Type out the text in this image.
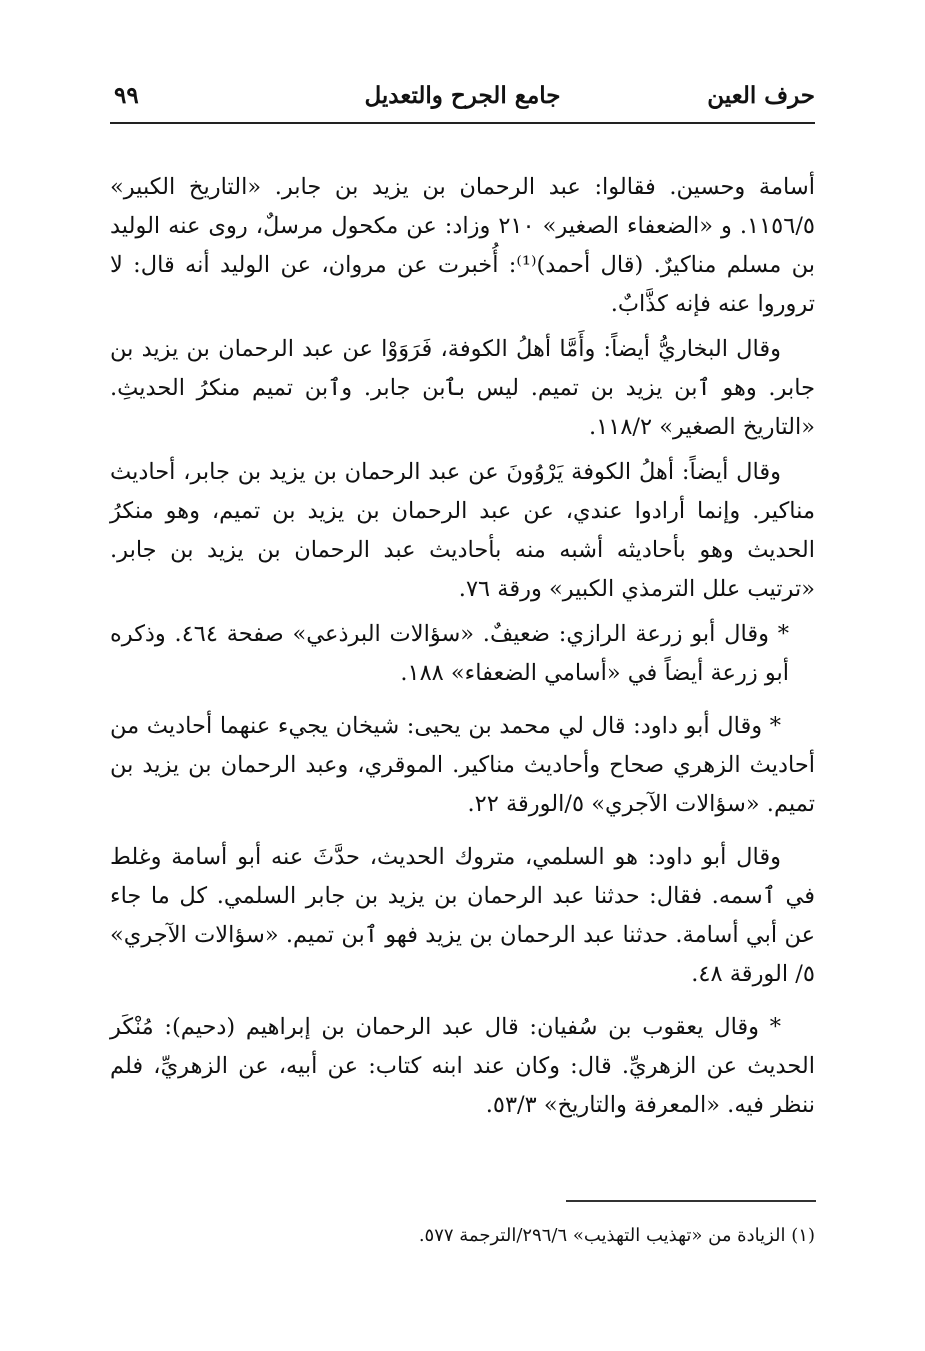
حرف العين
جامع الجرح والتعديل
٩٩

أسامة وحسين. فقالوا: عبد الرحمان بن يزيد بن جابر. «التاريخ الكبير» ١١٥٦/٥. و «الضعفاء الصغير» ٢١٠ وزاد: عن مكحول مرسلٌ، روى عنه الوليد بن مسلم مناكيرٌ. (قال أحمد)⁽¹⁾: أُخبرت عن مروان، عن الوليد أنه قال: لا تروروا عنه فإنه كذَّابٌ.

وقال البخاريُّ أيضاً: وأَمَّا أهلُ الكوفة، فَرَوَوْا عن عبد الرحمان بن يزيد بن جابر. وهو ٱبن يزيد بن تميم. ليس بٱبن جابر. وٱبن تميم منكرُ الحديثِ. «التاريخ الصغير» ١١٨/٢.

وقال أيضاً: أهلُ الكوفة يَرْوُونَ عن عبد الرحمان بن يزيد بن جابر، أحاديث مناكير. وإنما أرادوا عندي، عن عبد الرحمان بن يزيد بن تميم، وهو منكرُ الحديث وهو بأحاديثه أشبه منه بأحاديث عبد الرحمان بن يزيد بن جابر. «ترتيب علل الترمذي الكبير» ورقة ٧٦.

* وقال أبو زرعة الرازي: ضعيفٌ. «سؤالات البرذعي» صفحة ٤٦٤. وذكره أبو زرعة أيضاً في «أسامي الضعفاء» ١٨٨.

* وقال أبو داود: قال لي محمد بن يحيى: شيخان يجيء عنهما أحاديث من أحاديث الزهري صحاح وأحاديث مناكير. الموقري، وعبد الرحمان بن يزيد بن تميم. «سؤالات الآجري» ٥/الورقة ٢٢.

وقال أبو داود: هو السلمي، متروك الحديث، حدَّثَ عنه أبو أسامة وغلط في ٱسمه. فقال: حدثنا عبد الرحمان بن يزيد بن جابر السلمي. كل ما جاء عن أبي أسامة. حدثنا عبد الرحمان بن يزيد فهو ٱبن تميم. «سؤالات الآجري» ٥/ الورقة ٤٨.

* وقال يعقوب بن سُفيان: قال عبد الرحمان بن إبراهيم (دحيم): مُنْكَر الحديث عن الزهريِّ. قال: وكان عند ابنه كتاب: عن أبيه، عن الزهريِّ، فلم ننظر فيه. «المعرفة والتاريخ» ٥٣/٣.

(١) الزيادة من «تهذيب التهذيب» ٢٩٦/٦/الترجمة ٥٧٧.
